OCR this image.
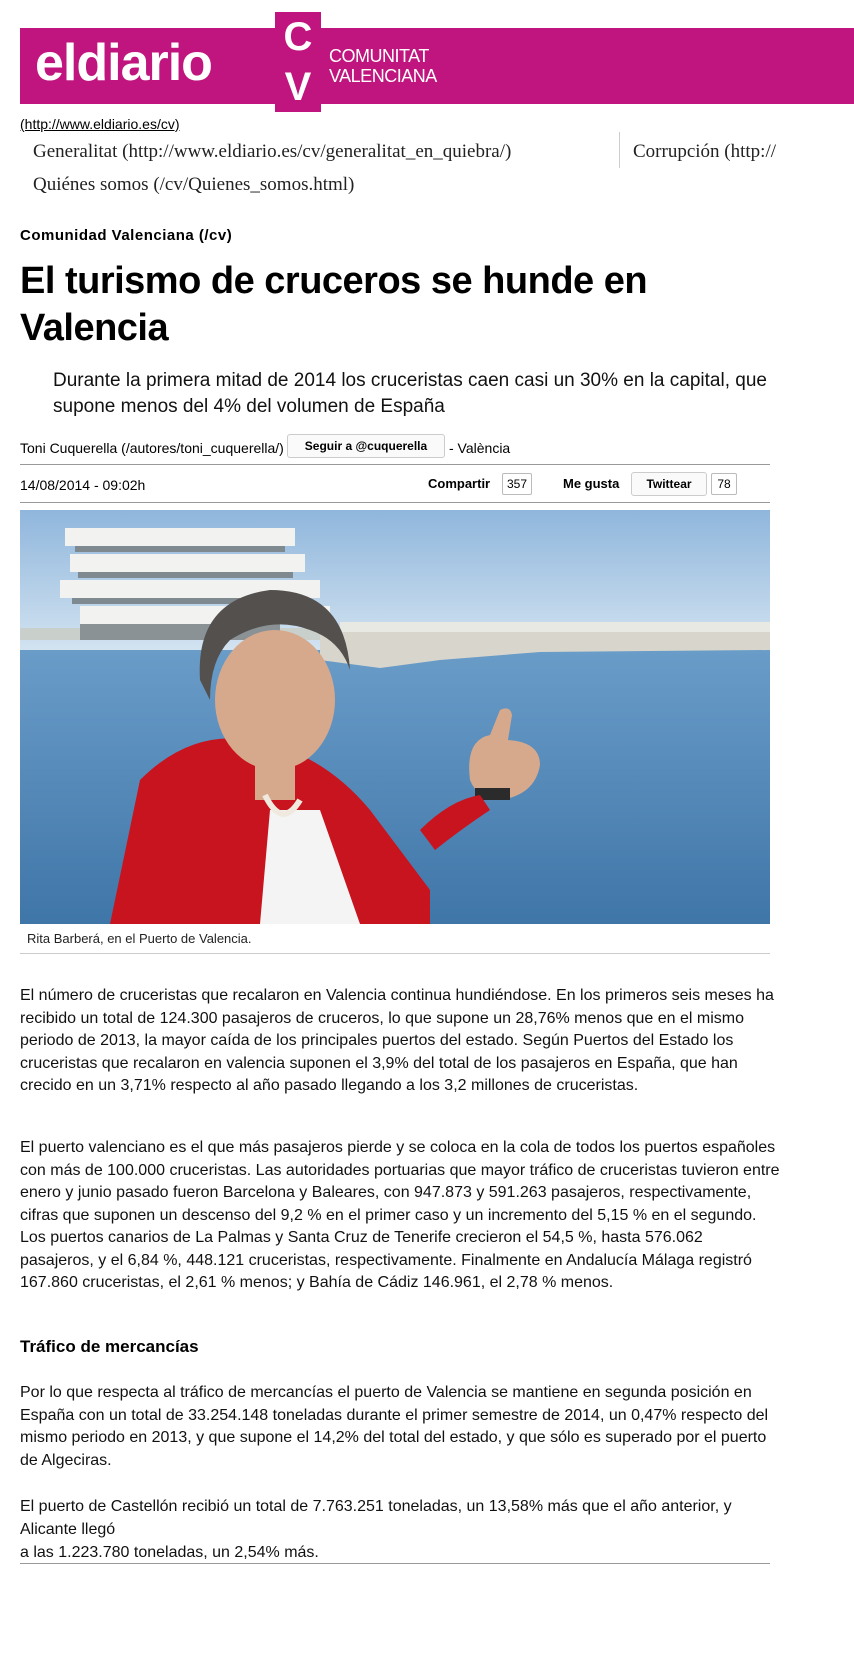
eldiario C
V
COMUNITAT
VALENCIANA
(http://www.eldiario.es/cv)
Generalitat (http://www.eldiario.es/cv/generalitat_en_quiebra/)	Corrupción (http://
Quiénes somos (/cv/Quienes_somos.html)
Comunidad Valenciana (/cv)
El turismo de cruceros se hunde en Valencia
Durante la primera mitad de 2014 los cruceristas caen casi un 30% en la capital, que supone menos del 4% del volumen de España
Toni Cuquerella (/autores/toni_cuquerella/)	Seguir a @cuquerella	- València
14/08/2014 - 09:02h	Compartir	357	Me gusta	Twittear	78
Rita Barberá, en el Puerto de Valencia.
El número de cruceristas que recalaron en Valencia continua hundiéndose. En los primeros seis meses ha recibido un total de 124.300 pasajeros de cruceros, lo que supone un 28,76% menos que en el mismo periodo de 2013, la mayor caída de los principales puertos del estado. Según Puertos del Estado los cruceristas que recalaron en valencia suponen el 3,9% del total de los pasajeros en España, que han crecido en un 3,71% respecto al año pasado llegando a los 3,2 millones de cruceristas.
El puerto valenciano es el que más pasajeros pierde y se coloca en la cola de todos los puertos españoles con más de 100.000 cruceristas. Las autoridades portuarias que mayor tráfico de cruceristas tuvieron entre enero y junio pasado fueron Barcelona y Baleares, con 947.873 y 591.263 pasajeros, respectivamente, cifras que suponen un descenso del 9,2 % en el primer caso y un incremento del 5,15 % en el segundo. Los puertos canarios de La Palmas y Santa Cruz de Tenerife crecieron el 54,5 %, hasta 576.062 pasajeros, y el 6,84 %, 448.121 cruceristas, respectivamente. Finalmente en Andalucía Málaga registró 167.860 cruceristas, el 2,61 % menos; y Bahía de Cádiz 146.961, el 2,78 % menos.
Tráfico de mercancías
Por lo que respecta al tráfico de mercancías el puerto de Valencia se mantiene en segunda posición en España con un total de 33.254.148 toneladas durante el primer semestre de 2014, un 0,47% respecto del mismo periodo en 2013, y que supone el 14,2% del total del estado, y que sólo es superado por el puerto de Algeciras.
El puerto de Castellón recibió un total de 7.763.251 toneladas, un 13,58% más que el año anterior, y Alicante llegó
a las 1.223.780 toneladas, un 2,54% más.
